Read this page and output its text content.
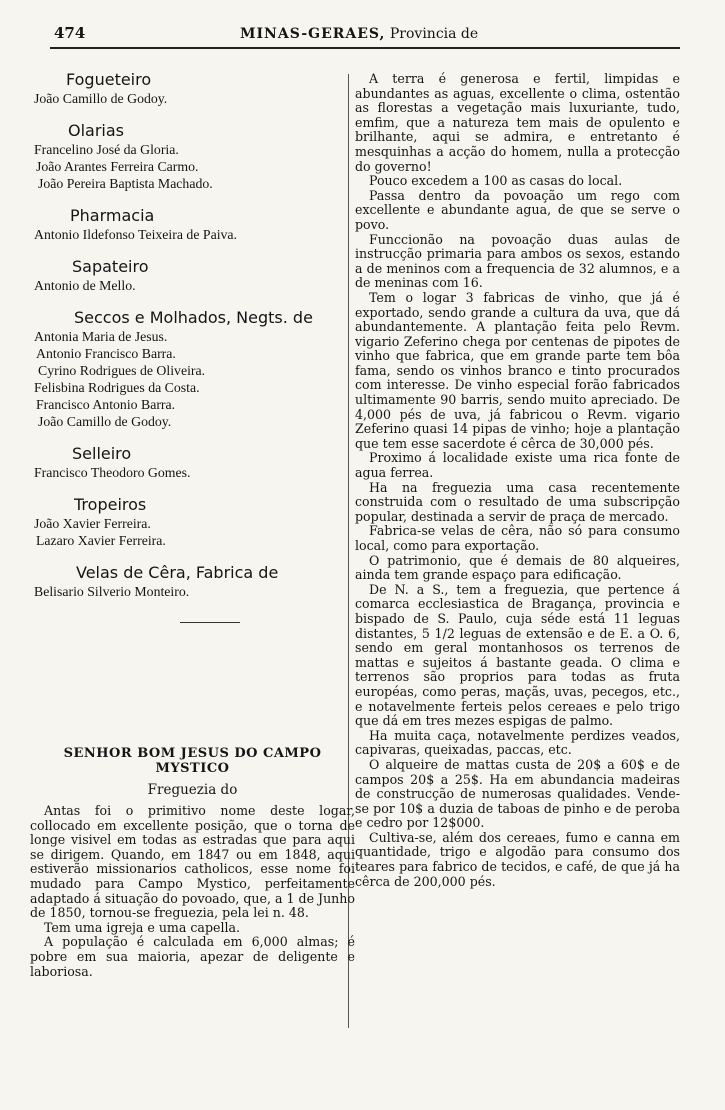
474	MINAS-GERAES, Provincia de
Fogueteiro
João Camillo de Godoy.
Olarias
Francelino José da Gloria.
João Arantes Ferreira Carmo.
João Pereira Baptista Machado.
Pharmacia
Antonio Ildefonso Teixeira de Paiva.
Sapateiro
Antonio de Mello.
Seccos e Molhados, Negts. de
Antonia Maria de Jesus.
Antonio Francisco Barra.
Cyrino Rodrigues de Oliveira.
Felisbina Rodrigues da Costa.
Francisco Antonio Barra.
João Camillo de Godoy.
Selleiro
Francisco Theodoro Gomes.
Tropeiros
João Xavier Ferreira.
Lazaro Xavier Ferreira.
Velas de Cêra, Fabrica de
Belisario Silverio Monteiro.
SENHOR BOM JESUS DO CAMPO
MYSTICO
Freguezia do

Antas foi o primitivo nome deste logar, collocado em excellente posição, que o torna de longe visivel em todas as estradas que para aqui se dirigem. Quando, em 1847 ou em 1848, aqui estiverão missionarios catholicos, esse nome foi mudado para Campo Mystico, perfeitamente adaptado á situação do povoado, que, a 1 de Junho de 1850, tornou-se freguezia, pela lei n. 48.

Tem uma igreja e uma capella.

A população é calculada em 6,000 almas; é pobre em sua maioria, apezar de deligente e laboriosa.

A terra é generosa e fertil, limpidas e abundantes as aguas, excellente o clima, ostentão as florestas a vegetação mais luxuriante, tudo, emfim, que a natureza tem mais de opulento e brilhante, aqui se admira, e entretanto é mesquinhas a acção do homem, nulla a protecção do governo!

Pouco excedem a 100 as casas do local.

Passa dentro da povoação um rego com excellente e abundante agua, de que se serve o povo.

Funccionão na povoação duas aulas de instrucção primaria para ambos os sexos, estando a de meninos com a frequencia de 32 alumnos, e a de meninas com 16.

Tem o logar 3 fabricas de vinho, que já é exportado, sendo grande a cultura da uva, que dá abundantemente. A plantação feita pelo Revm. vigario Zeferino chega por centenas de pipotes de vinho que fabrica, que em grande parte tem bôa fama, sendo os vinhos branco e tinto procurados com interesse. De vinho especial forão fabricados ultimamente 90 barris, sendo muito apreciado. De 4,000 pés de uva, já fabricou o Revm. vigario Zeferino quasi 14 pipas de vinho; hoje a plantação que tem esse sacerdote é cêrca de 30,000 pés.

Proximo á localidade existe uma rica fonte de agua ferrea.

Ha na freguezia uma casa recentemente construida com o resultado de uma subscripção popular, destinada a servir de praça de mercado.

Fabrica-se velas de cêra, não só para consumo local, como para exportação.

O patrimonio, que é demais de 80 alqueires, ainda tem grande espaço para edificação.

De N. a S., tem a freguezia, que pertence á comarca ecclesiastica de Bragança, provincia e bispado de S. Paulo, cuja séde está 11 leguas distantes, 5 1/2 leguas de extensão e de E. a O. 6, sendo em geral montanhosos os terrenos de mattas e sujeitos á bastante geada. O clima e terrenos são proprios para todas as fruta européas, como peras, maçãs, uvas, pecegos, etc., e notavelmente ferteis pelos cereaes e pelo trigo que dá em tres mezes espigas de palmo.

Ha muita caça, notavelmente perdizes veados, capivaras, queixadas, paccas, etc.

O alqueire de mattas custa de 20$ a 60$ e de campos 20$ a 25$. Ha em abundancia madeiras de construcção de numerosas qualidades. Vende-se por 10$ a duzia de taboas de pinho e de peroba e cedro por 12$000.

Cultiva-se, além dos cereaes, fumo e canna em quantidade, trigo e algodão para consumo dos teares para fabrico de tecidos, e café, de que já ha cêrca de 200,000 pés.
